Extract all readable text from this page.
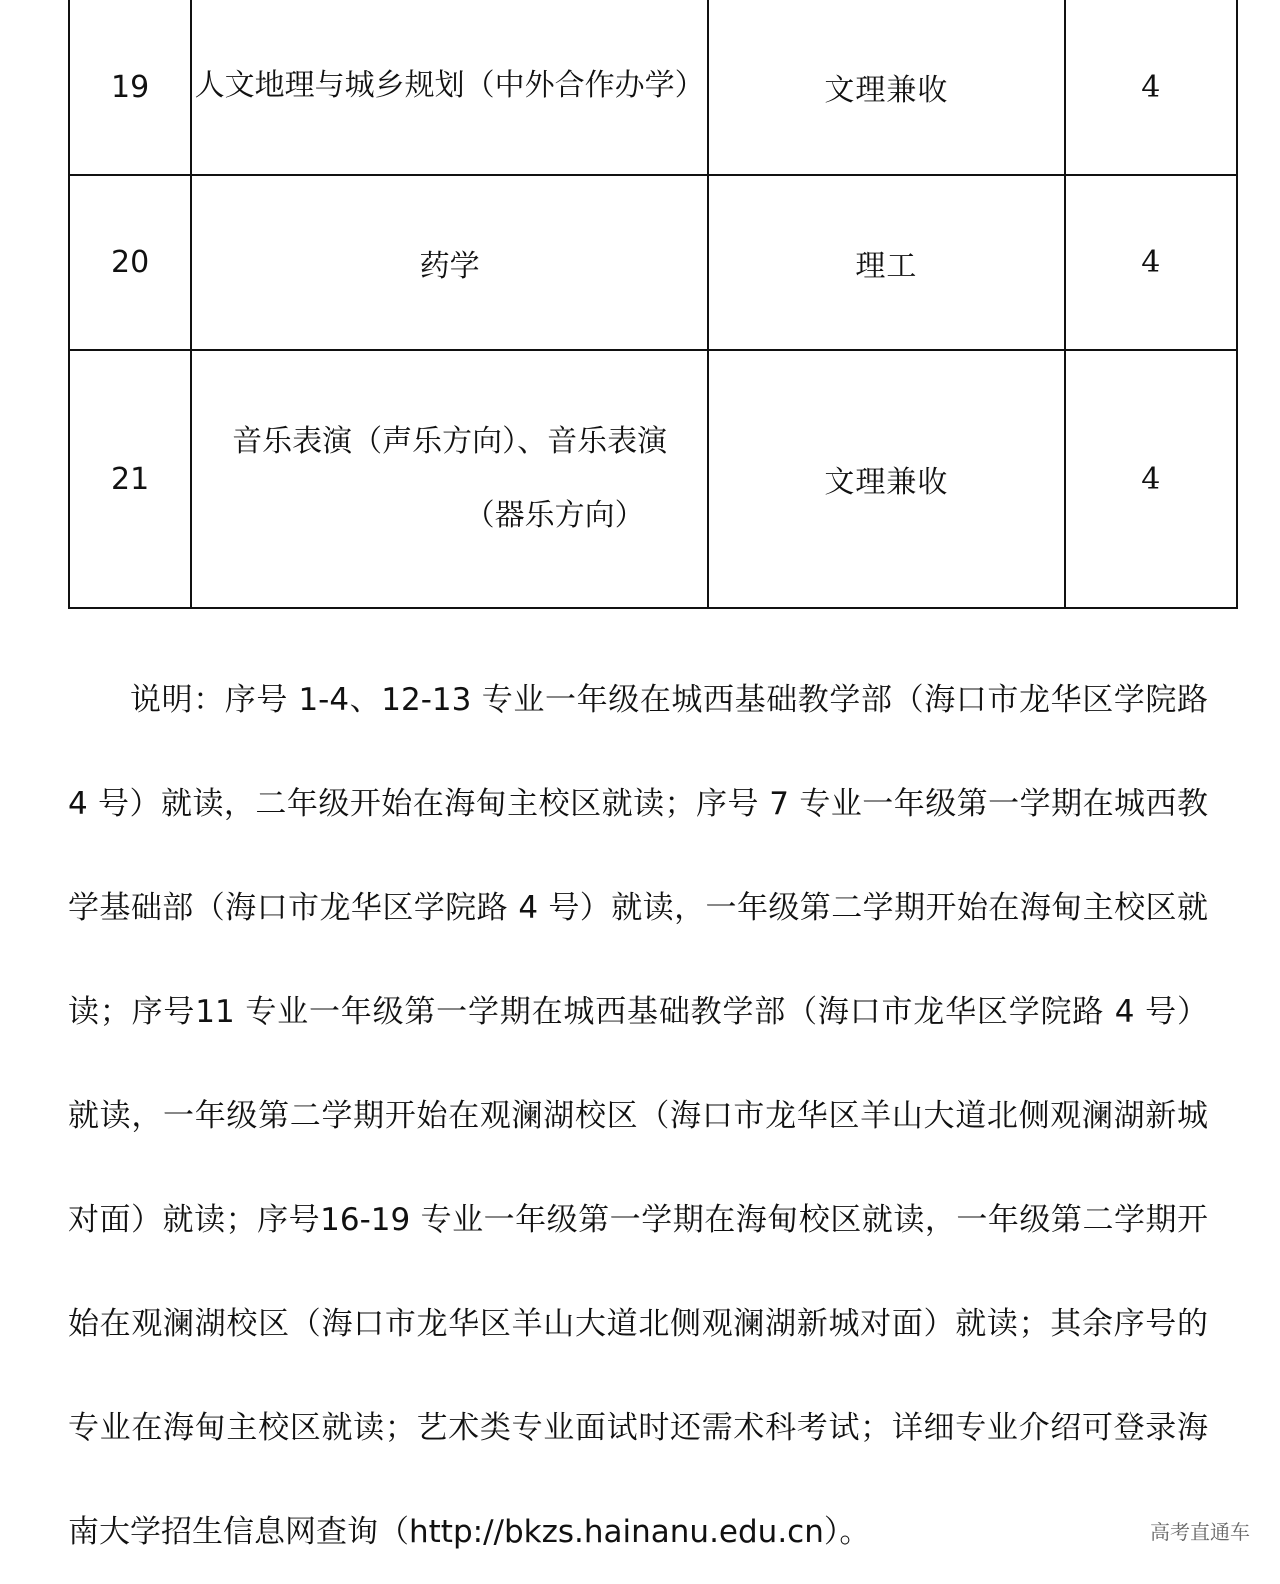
19	人文地理与城乡规划（中外合作办学）	文理兼收	4
20	药学	理工	4
21	音乐表演（声乐方向）、音乐表演
（器乐方向）	文理兼收	4

说明：序号 1-4、12-13 专业一年级在城西基础教学部（海口市龙华区学院路 4 号）就读，二年级开始在海甸主校区就读；序号 7 专业一年级第一学期在城西教学基础部（海口市龙华区学院路 4 号）就读，一年级第二学期开始在海甸主校区就读；序号11 专业一年级第一学期在城西基础教学部（海口市龙华区学院路 4 号）就读，一年级第二学期开始在观澜湖校区（海口市龙华区羊山大道北侧观澜湖新城对面）就读；序号16-19 专业一年级第一学期在海甸校区就读，一年级第二学期开始在观澜湖校区（海口市龙华区羊山大道北侧观澜湖新城对面）就读；其余序号的专业在海甸主校区就读；艺术类专业面试时还需术科考试；详细专业介绍可登录海南大学招生信息网查询（http://bkzs.hainanu.edu.cn）。	高考直通车
